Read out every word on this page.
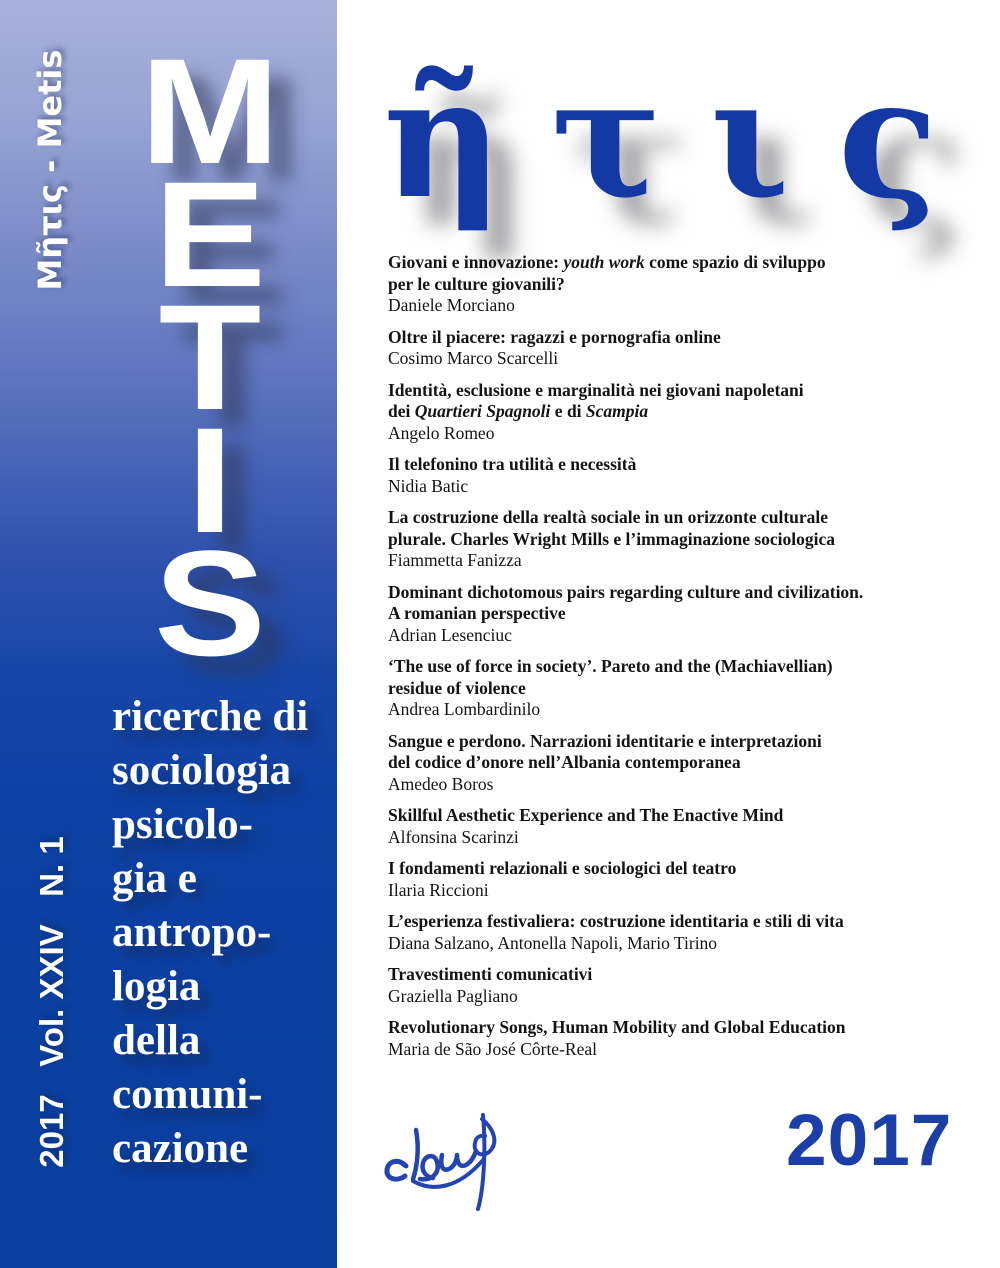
Μῆτις - Metis M
E
T
I
S
ricerche di
sociologia
psicolo-
gia e
antropo-
logia
della
comuni-
cazione
2017   Vol. XXIV   N. 1
ῆτις
Giovani e innovazione: youth work come spazio di sviluppo
per le culture giovanili?
Daniele Morciano
Oltre il piacere: ragazzi e pornografia online
Cosimo Marco Scarcelli
Identità, esclusione e marginalità nei giovani napoletani
dei Quartieri Spagnoli e di Scampia
Angelo Romeo
Il telefonino tra utilità e necessità
Nidia Batic
La costruzione della realtà sociale in un orizzonte culturale
plurale. Charles Wright Mills e l’immaginazione sociologica
Fiammetta Fanizza
Dominant dichotomous pairs regarding culture and civilization.
A romanian perspective
Adrian Lesenciuc
‘The use of force in society’. Pareto and the (Machiavellian)
residue of violence
Andrea Lombardinilo
Sangue e perdono. Narrazioni identitarie e interpretazioni
del codice d’onore nell’Albania contemporanea
Amedeo Boros
Skillful Aesthetic Experience and The Enactive Mind
Alfonsina Scarinzi
I fondamenti relazionali e sociologici del teatro
Ilaria Riccioni
L’esperienza festivaliera: costruzione identitaria e stili di vita
Diana Salzano, Antonella Napoli, Mario Tirino
Travestimenti comunicativi
Graziella Pagliano
Revolutionary Songs, Human Mobility and Global Education
Maria de São José Côrte-Real
2017
